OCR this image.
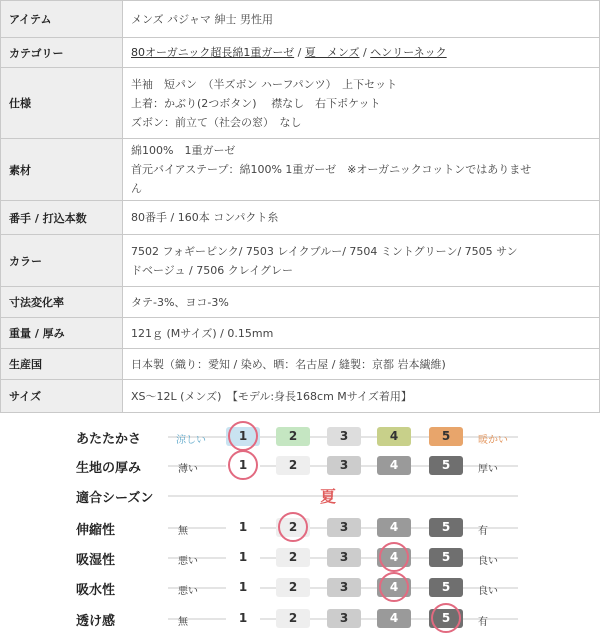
アイテム	メンズ パジャマ 紳士 男性用

カテゴリー	80オーガニック超長綿1重ガーゼ / 夏　メンズ / ヘンリーネック
仕様	半袖　短パン　（半ズボン ハーフパンツ）　上下セット
上着：かぶり(2つボタン)　 襟なし　右下ポケット
ズボン：前立て（社会の窓）　なし

素材	綿100%　1重ガーゼ
首元バイアステープ：綿100% 1重ガーゼ　※オーガニックコットンではありませ
ん

番手 / 打込本数	80番手 / 160本 コンパクト糸

カラー	7502 フォギーピンク/ 7503 レイクブルー/ 7504 ミントグリーン/ 7505 サン
ドベージュ / 7506 クレイグレー

寸法変化率	タテ-3%、ヨコ-3%

重量 / 厚み	121ｇ (Mサイズ) / 0.15mm

生産国	日本製（織り：愛知 / 染め、晒：名古屋 / 縫製：京都 岩本繊維)

サイズ	XS～12L (メンズ)　【モデル:身長168cm Mサイズ着用】
あたたかさ	涼しい	暖かい
1	2	3	4	5
生地の厚み	薄い	厚い
1	2	3	4	5
適合シーズン	夏
伸縮性	無	有
1	2	3	4	5
吸湿性	悪い	良い
1	2	3	4	5
吸水性	悪い	良い
1	2	3	4	5
透け感	無	有
1	2	3	4	5
